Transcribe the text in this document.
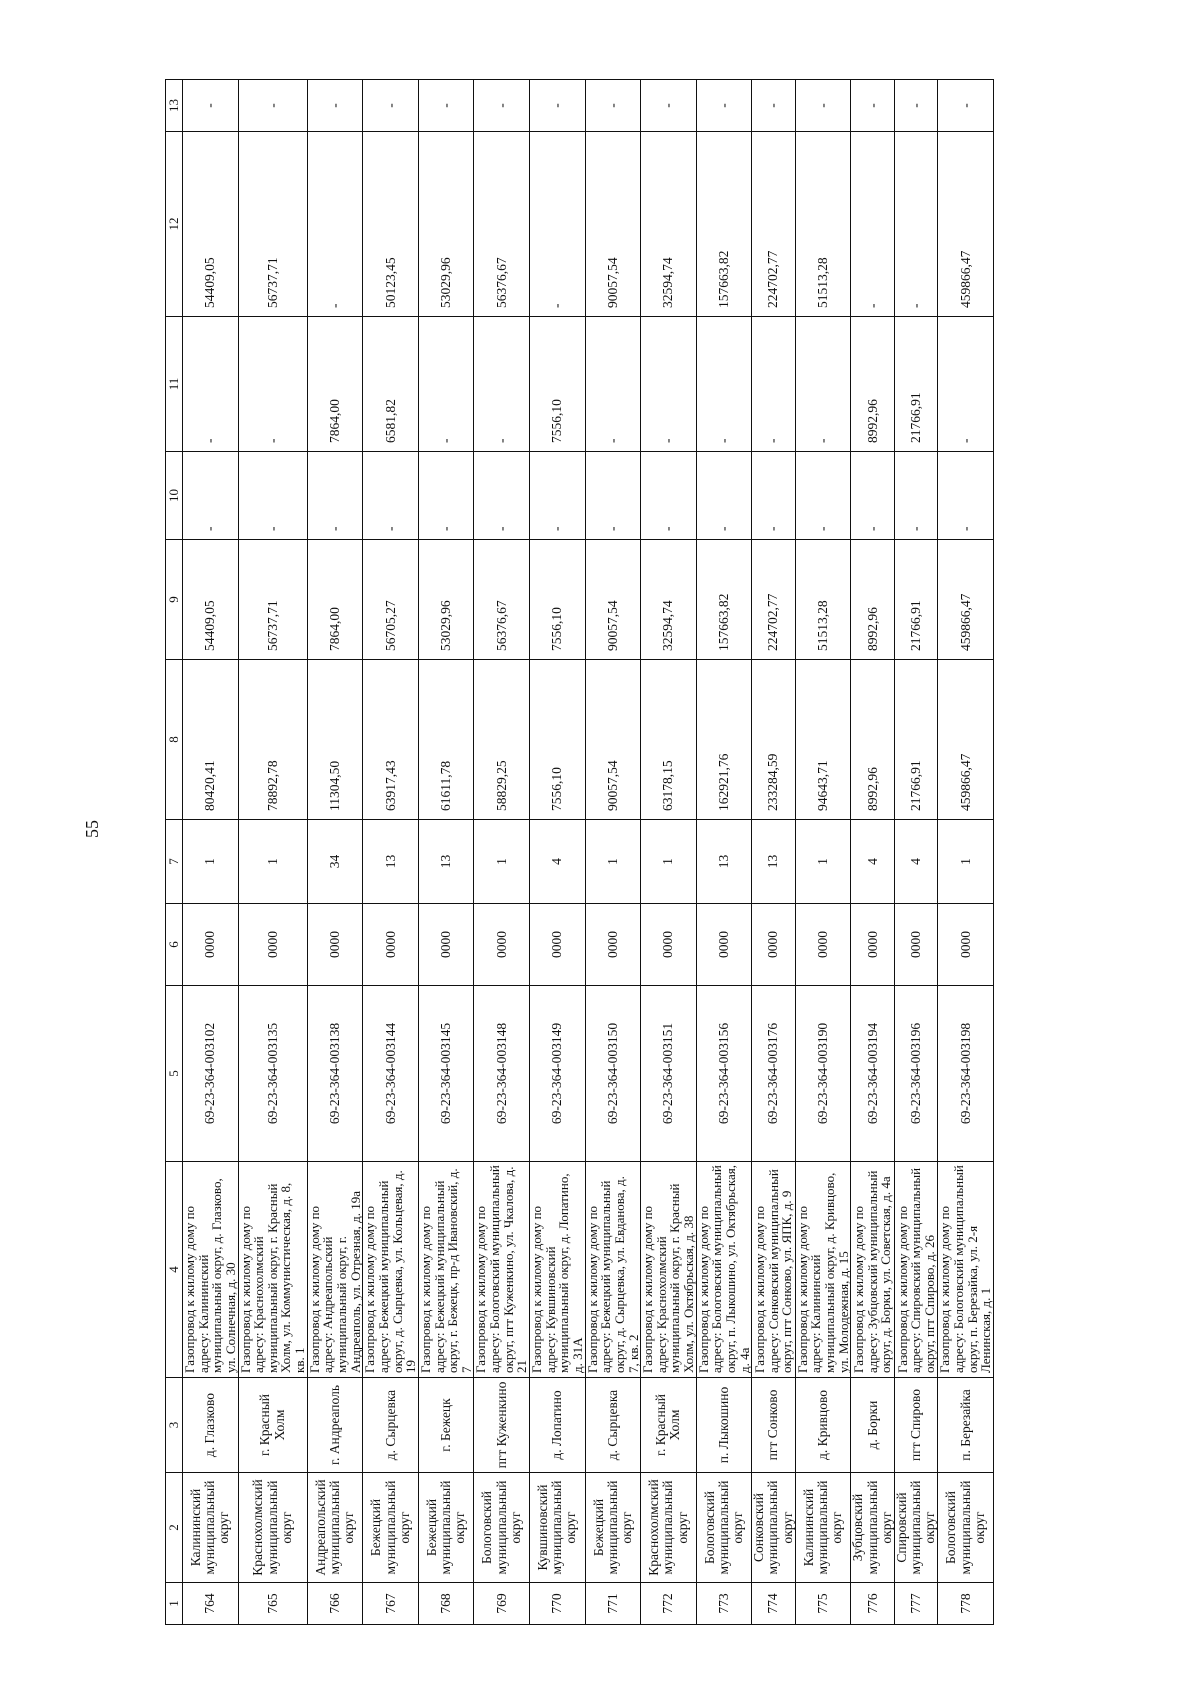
55
1	2	3	4	5	6	7	8	9	10	11	12	13
764	Калининский муниципальный округ	д. Глазково	Газопровод к жилому дому по адресу: Калининский муниципальный округ, д. Глазково, ул. Солнечная, д. 30	69-23-364-003102	0000	1	80420,41	54409,05	-	-	54409,05	-
765	Краснохолмский муниципальный округ	г. Красный Холм	Газопровод к жилому дому по адресу: Краснохолмский муниципальный округ, г. Красный Холм, ул. Коммунистическая, д. 8, кв. 1	69-23-364-003135	0000	1	78892,78	56737,71	-	-	56737,71	-
766	Андреапольский муниципальный округ	г. Андреаполь	Газопровод к жилому дому по адресу: Андреапольский муниципальный округ, г. Андреаполь, ул. Отрезная, д. 19а	69-23-364-003138	0000	34	11304,50	7864,00	-	7864,00	-	-
767	Бежецкий муниципальный округ	д. Сырцевка	Газопровод к жилому дому по адресу: Бежецкий муниципальный округ, д. Сырцевка, ул. Кольцевая, д. 19	69-23-364-003144	0000	13	63917,43	56705,27	-	6581,82	50123,45	-
768	Бежецкий муниципальный округ	г. Бежецк	Газопровод к жилому дому по адресу: Бежецкий муниципальный округ, г. Бежецк, пр-д Ивановский, д. 7	69-23-364-003145	0000	13	61611,78	53029,96	-	-	53029,96	-
769	Бологовский муниципальный округ	пгт Куженкино	Газопровод к жилому дому по адресу: Бологовский муниципальный округ, пгт Куженкино, ул. Чкалова, д. 21	69-23-364-003148	0000	1	58829,25	56376,67	-	-	56376,67	-
770	Кувшиновский муниципальный округ	д. Лопатино	Газопровод к жилому дому по адресу: Кувшиновский муниципальный округ, д. Лопатино, д. 31А	69-23-364-003149	0000	4	7556,10	7556,10	-	7556,10	-	-
771	Бежецкий муниципальный округ	д. Сырцевка	Газопровод к жилому дому по адресу: Бежецкий муниципальный округ, д. Сырцевка, ул. Евданова, д. 7, кв. 2	69-23-364-003150	0000	1	90057,54	90057,54	-	-	90057,54	-
772	Краснохолмский муниципальный округ	г. Красный Холм	Газопровод к жилому дому по адресу: Краснохолмский муниципальный округ, г. Красный Холм, ул. Октябрьская, д. 38	69-23-364-003151	0000	1	63178,15	32594,74	-	-	32594,74	-
773	Бологовский муниципальный округ	п. Лыкошино	Газопровод к жилому дому по адресу: Бологовский муниципальный округ, п. Лыкошино, ул. Октябрьская, д. 4а	69-23-364-003156	0000	13	162921,76	157663,82	-	-	157663,82	-
774	Сонковский муниципальный округ	пгт Сонково	Газопровод к жилому дому по адресу: Сонковский муниципальный округ, пгт Сонково, ул. ЯПК, д. 9	69-23-364-003176	0000	13	233284,59	224702,77	-	-	224702,77	-
775	Калининский муниципальный округ	д. Кривцово	Газопровод к жилому дому по адресу: Калининский муниципальный округ, д. Кривцово, ул. Молодежная, д. 15	69-23-364-003190	0000	1	94643,71	51513,28	-	-	51513,28	-
776	Зубцовский муниципальный округ	д. Борки	Газопровод к жилому дому по адресу: Зубцовский муниципальный округ, д. Борки, ул. Советская, д. 4а	69-23-364-003194	0000	4	8992,96	8992,96	-	8992,96	-	-
777	Спировский муниципальный округ	пгт Спирово	Газопровод к жилому дому по адресу: Спировский муниципальный округ, пгт Спирово, д. 26	69-23-364-003196	0000	4	21766,91	21766,91	-	21766,91	-	-
778	Бологовский муниципальный округ	п. Березайка	Газопровод к жилому дому по адресу: Бологовский муниципальный округ, п. Березайка, ул. 2-я Ленинская, д. 1	69-23-364-003198	0000	1	459866,47	459866,47	-	-	459866,47	-
